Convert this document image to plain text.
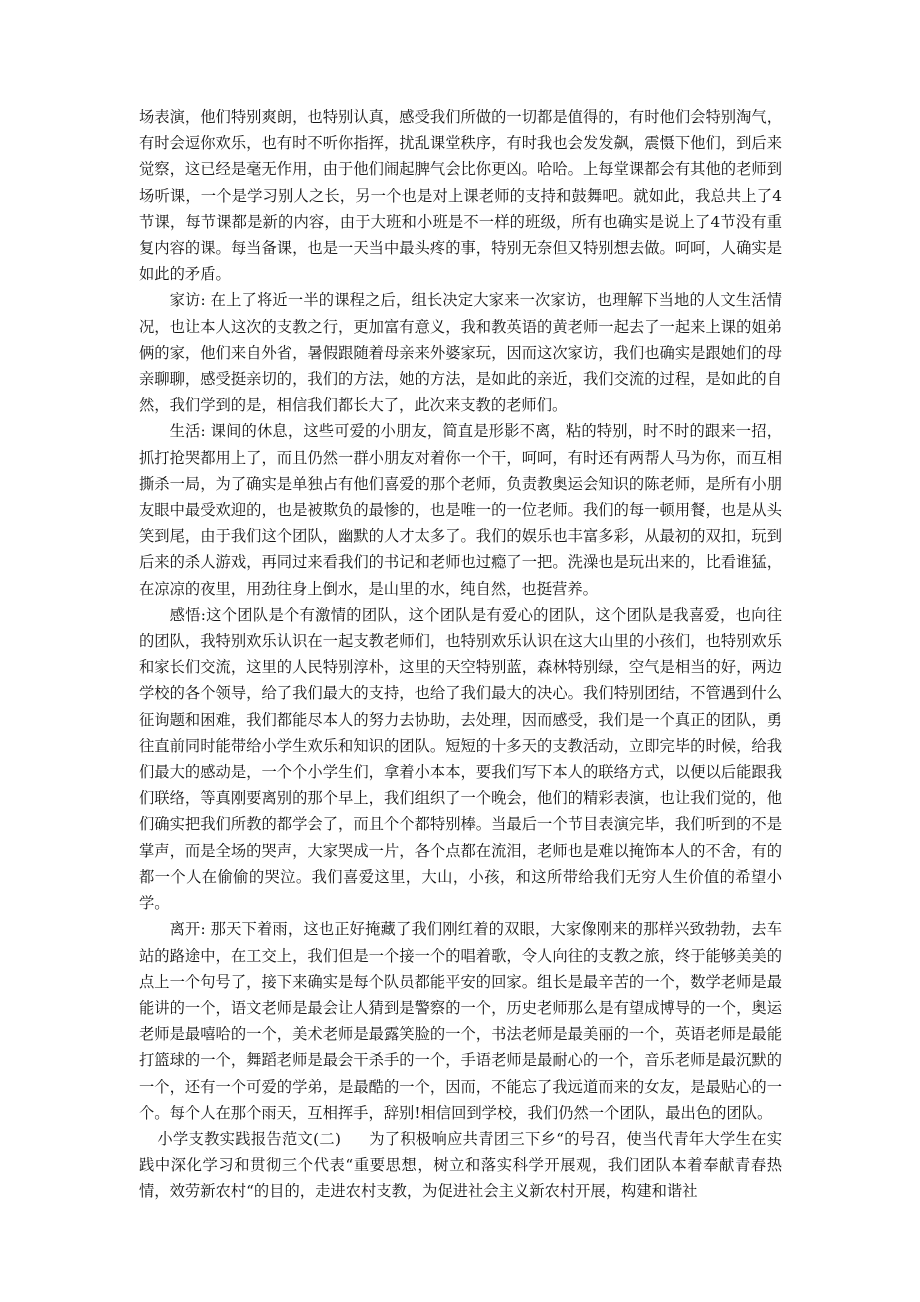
场表演，他们特别爽朗，也特别认真，感受我们所做的一切都是值得的，有时他们会特别淘气，有时会逗你欢乐，也有时不听你指挥，扰乱课堂秩序，有时我也会发发飙，震慑下他们，到后来觉察，这已经是毫无作用，由于他们闹起脾气会比你更凶。哈哈。上每堂课都会有其他的老师到场听课，一个是学习别人之长，另一个也是对上课老师的支持和鼓舞吧。就如此，我总共上了4节课，每节课都是新的内容，由于大班和小班是不一样的班级，所有也确实是说上了4节没有重复内容的课。每当备课，也是一天当中最头疼的事，特别无奈但又特别想去做。呵呵，人确实是如此的矛盾。

家访: 在上了将近一半的课程之后，组长决定大家来一次家访，也理解下当地的人文生活情况，也让本人这次的支教之行，更加富有意义，我和教英语的黄老师一起去了一起来上课的姐弟俩的家，他们来自外省，暑假跟随着母亲来外婆家玩，因而这次家访，我们也确实是跟她们的母亲聊聊，感受挺亲切的，我们的方法，她的方法，是如此的亲近，我们交流的过程，是如此的自然，我们学到的是，相信我们都长大了，此次来支教的老师们。

生活: 课间的休息，这些可爱的小朋友，简直是形影不离，粘的特别，时不时的跟来一招，抓打抢哭都用上了，而且仍然一群小朋友对着你一个干，呵呵，有时还有两帮人马为你，而互相撕杀一局，为了确实是单独占有他们喜爱的那个老师，负责教奥运会知识的陈老师，是所有小朋友眼中最受欢迎的，也是被欺负的最惨的，也是唯一的一位老师。我们的每一顿用餐，也是从头笑到尾，由于我们这个团队，幽默的人才太多了。我们的娱乐也丰富多彩，从最初的双扣，玩到后来的杀人游戏，再同过来看我们的书记和老师也过瘾了一把。洗澡也是玩出来的，比看谁猛，在凉凉的夜里，用劲往身上倒水，是山里的水，纯自然，也挺营养。

感悟:这个团队是个有激情的团队，这个团队是有爱心的团队，这个团队是我喜爱，也向往的团队，我特别欢乐认识在一起支教老师们，也特别欢乐认识在这大山里的小孩们，也特别欢乐和家长们交流，这里的人民特别淳朴，这里的天空特别蓝，森林特别绿，空气是相当的好，两边学校的各个领导，给了我们最大的支持，也给了我们最大的决心。我们特别团结，不管遇到什么征询题和困难，我们都能尽本人的努力去协助，去处理，因而感受，我们是一个真正的团队，勇往直前同时能带给小学生欢乐和知识的团队。短短的十多天的支教活动，立即完毕的时候，给我们最大的感动是，一个个小学生们，拿着小本本，要我们写下本人的联络方式，以便以后能跟我们联络，等真刚要离别的那个早上，我们组织了一个晚会，他们的精彩表演，也让我们觉的，他们确实把我们所教的都学会了，而且个个都特别棒。当最后一个节目表演完毕，我们听到的不是掌声，而是全场的哭声，大家哭成一片，各个点都在流泪，老师也是难以掩饰本人的不舍，有的都一个人在偷偷的哭泣。我们喜爱这里，大山，小孩，和这所带给我们无穷人生价值的希望小学。

离开: 那天下着雨，这也正好掩藏了我们刚红着的双眼，大家像刚来的那样兴致勃勃，去车站的路途中，在工交上，我们但是一个接一个的唱着歌，令人向往的支教之旅，终于能够美美的点上一个句号了，接下来确实是每个队员都能平安的回家。组长是最辛苦的一个，数学老师是最能讲的一个，语文老师是最会让人猜到是警察的一个，历史老师那么是有望成博导的一个，奥运老师是最嘻哈的一个，美术老师是最露笑脸的一个，书法老师是最美丽的一个，英语老师是最能打篮球的一个，舞蹈老师是最会干杀手的一个，手语老师是最耐心的一个，音乐老师是最沉默的一个，还有一个可爱的学弟，是最酷的一个，因而，不能忘了我远道而来的女友，是最贴心的一个。每个人在那个雨天，互相挥手，辞别!相信回到学校，我们仍然一个团队，最出色的团队。

小学支教实践报告范文(二) 为了积极响应共青团三下乡“的号召，使当代青年大学生在实践中深化学习和贯彻三个代表“重要思想，树立和落实科学开展观，我们团队本着奉献青春热情，效劳新农村“的目的，走进农村支教，为促进社会主义新农村开展，构建和谐社
